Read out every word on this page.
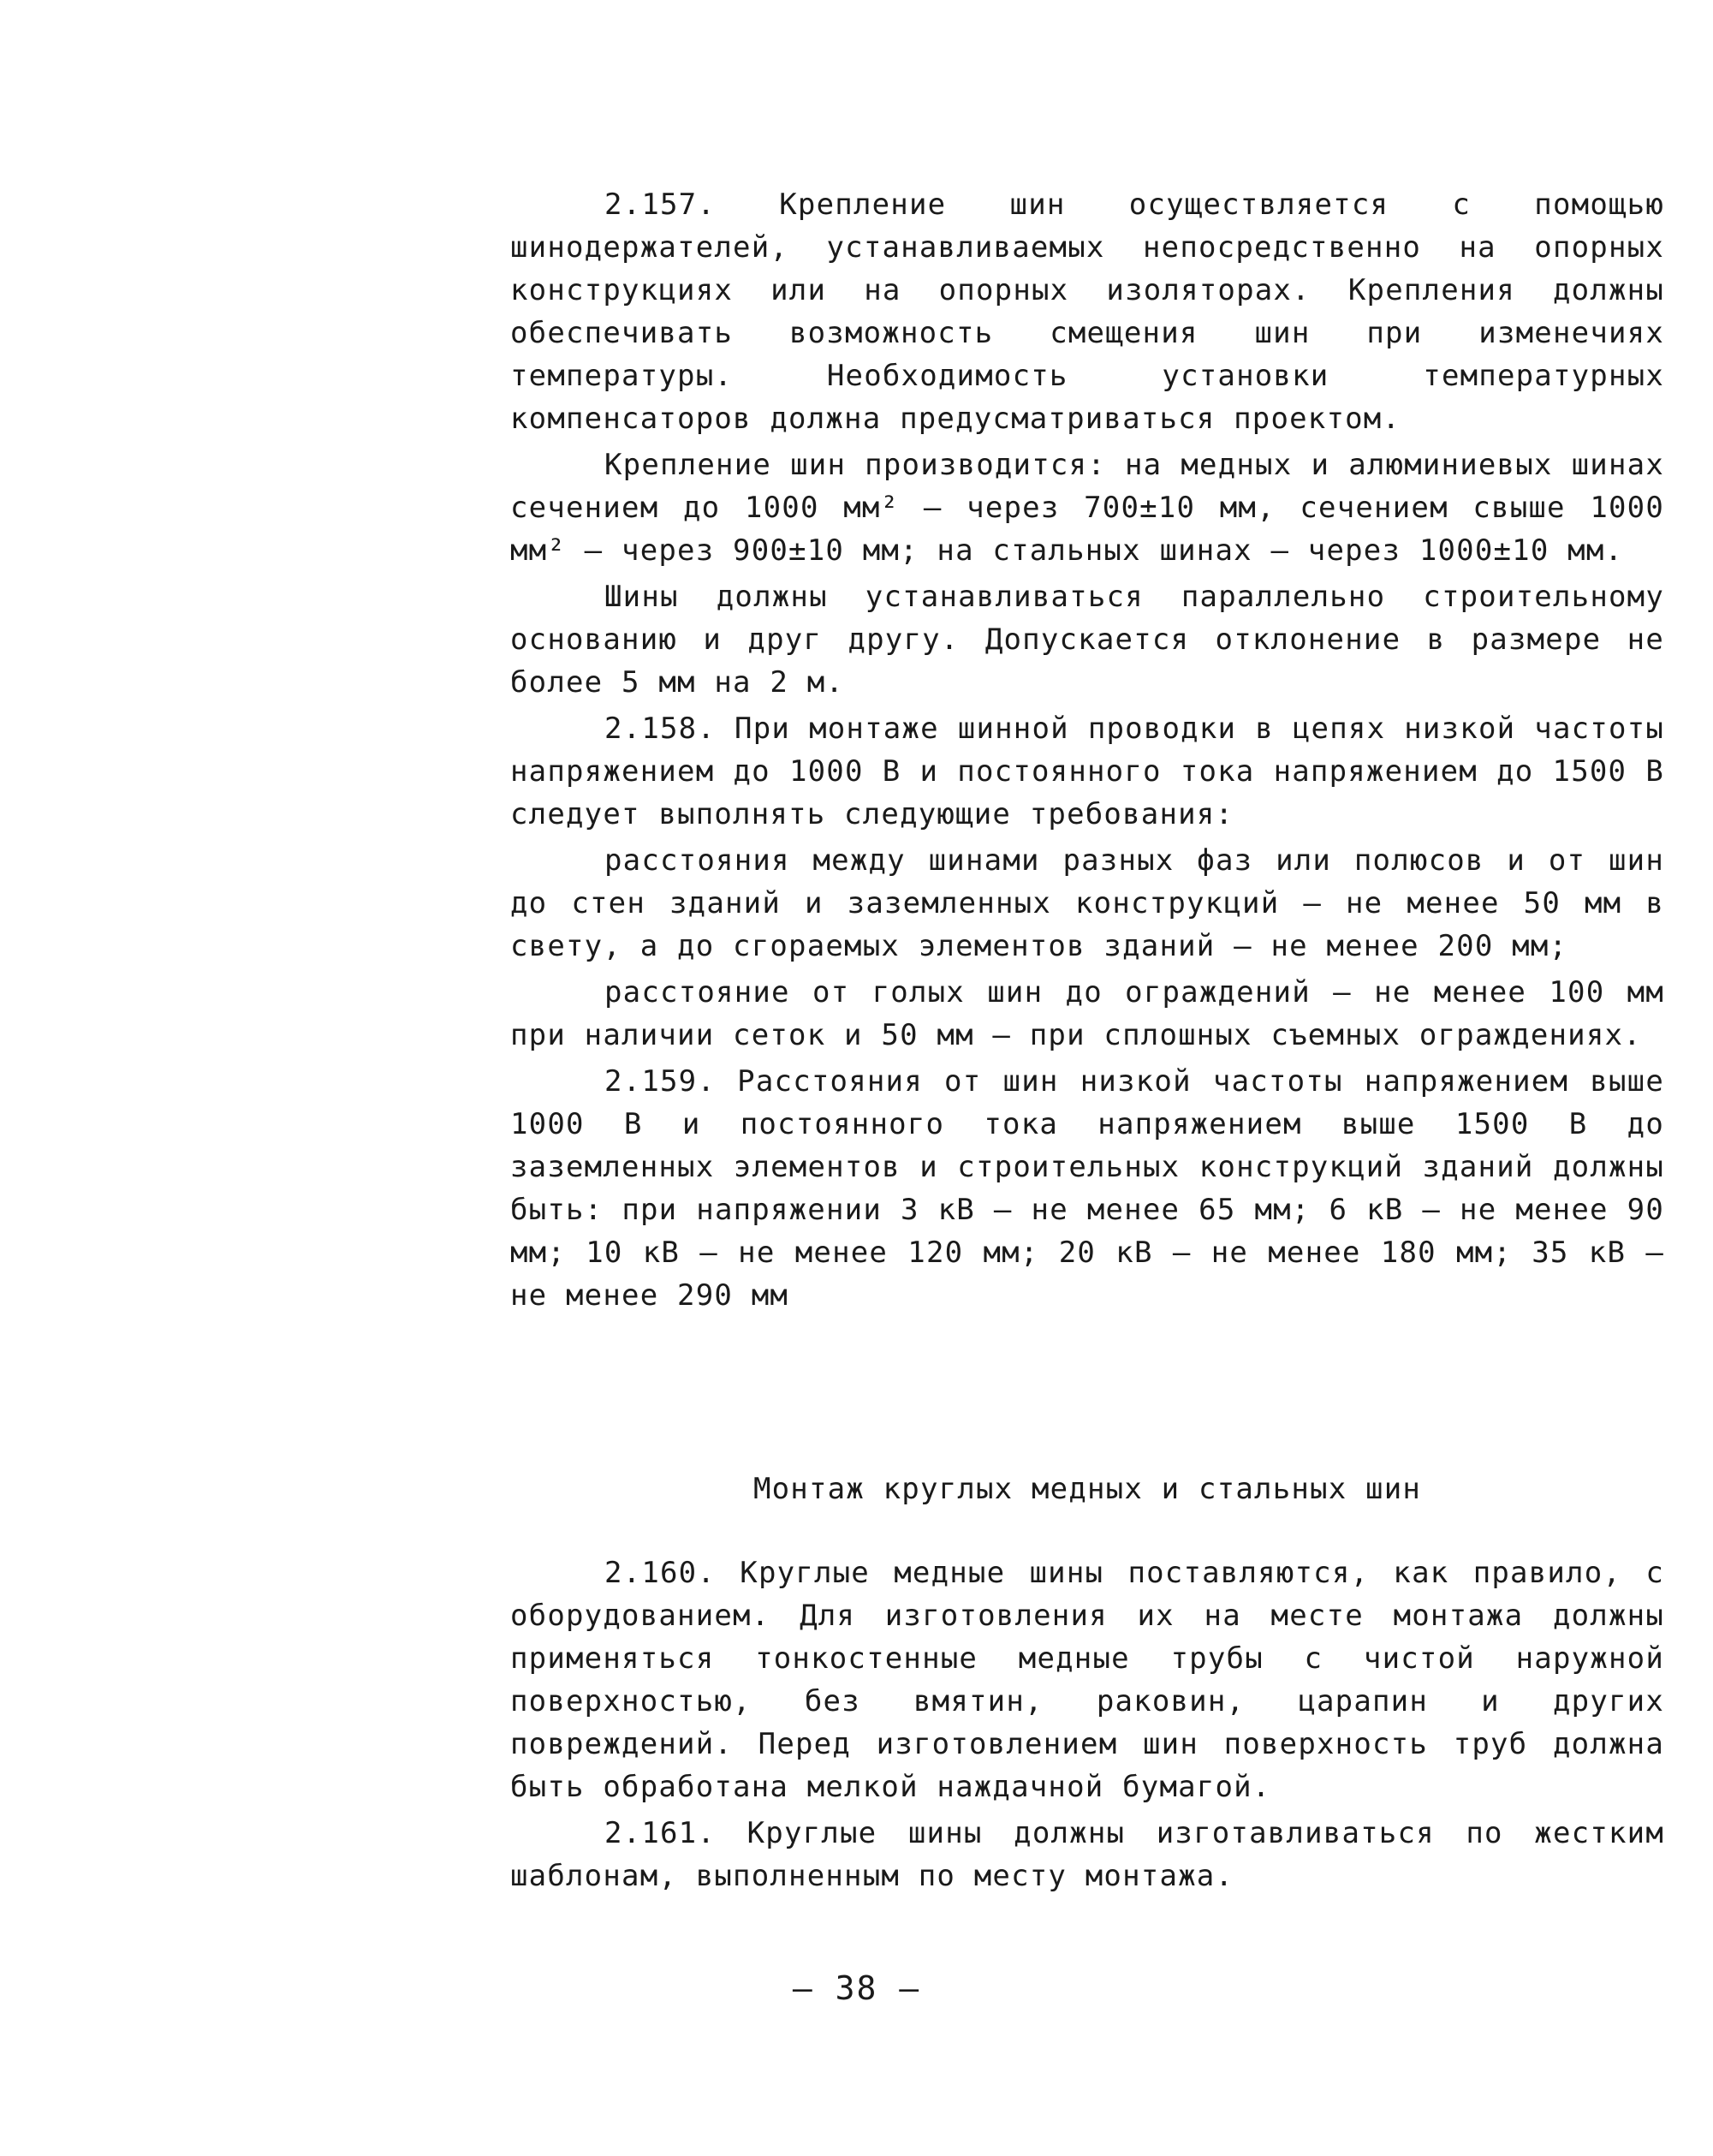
2.157. Крепление шин осуществляется с помощью шинодержателей, устанавливаемых непосредственно на опорных конструкциях или на опорных изоляторах. Крепления должны обеспечивать возможность смещения шин при изменечиях температуры. Необходимость установки температурных компенсаторов должна предусматриваться проектом.

Крепление шин производится: на медных и алюминиевых шинах сечением до 1000 мм² – через 700±10 мм, сечением свыше 1000 мм² – через 900±10 мм; на стальных шинах – через 1000±10 мм.

Шины должны устанавливаться параллельно строительному основанию и друг другу. Допускается отклонение в размере не более 5 мм на 2 м.

2.158. При монтаже шинной проводки в цепях низкой частоты напряжением до 1000 В и постоянного тока напряжением до 1500 В следует выполнять следующие требования:

расстояния между шинами разных фаз или полюсов и от шин до стен зданий и заземленных конструкций – не менее 50 мм в свету, а до сгораемых элементов зданий – не менее 200 мм;

расстояние от голых шин до ограждений – не менее 100 мм при наличии сеток и 50 мм – при сплошных съемных ограждениях.

2.159. Расстояния от шин низкой частоты напряжением выше 1000 В и постоянного тока напряжением выше 1500 В до заземленных элементов и строительных конструкций зданий должны быть: при напряжении 3 кВ – не менее 65 мм; 6 кВ – не менее 90 мм; 10 кВ – не менее 120 мм; 20 кВ – не менее 180 мм; 35 кВ – не менее 290 мм

Монтаж круглых медных и стальных шин

2.160. Круглые медные шины поставляются, как правило, с оборудованием. Для изготовления их на месте монтажа должны применяться тонкостенные медные трубы с чистой наружной поверхностью, без вмятин, раковин, царапин и других повреждений. Перед изготовлением шин поверхность труб должна быть обработана мелкой наждачной бумагой.

2.161. Круглые шины должны изготавливаться по жестким шаблонам, выполненным по месту монтажа.

– 38 –
